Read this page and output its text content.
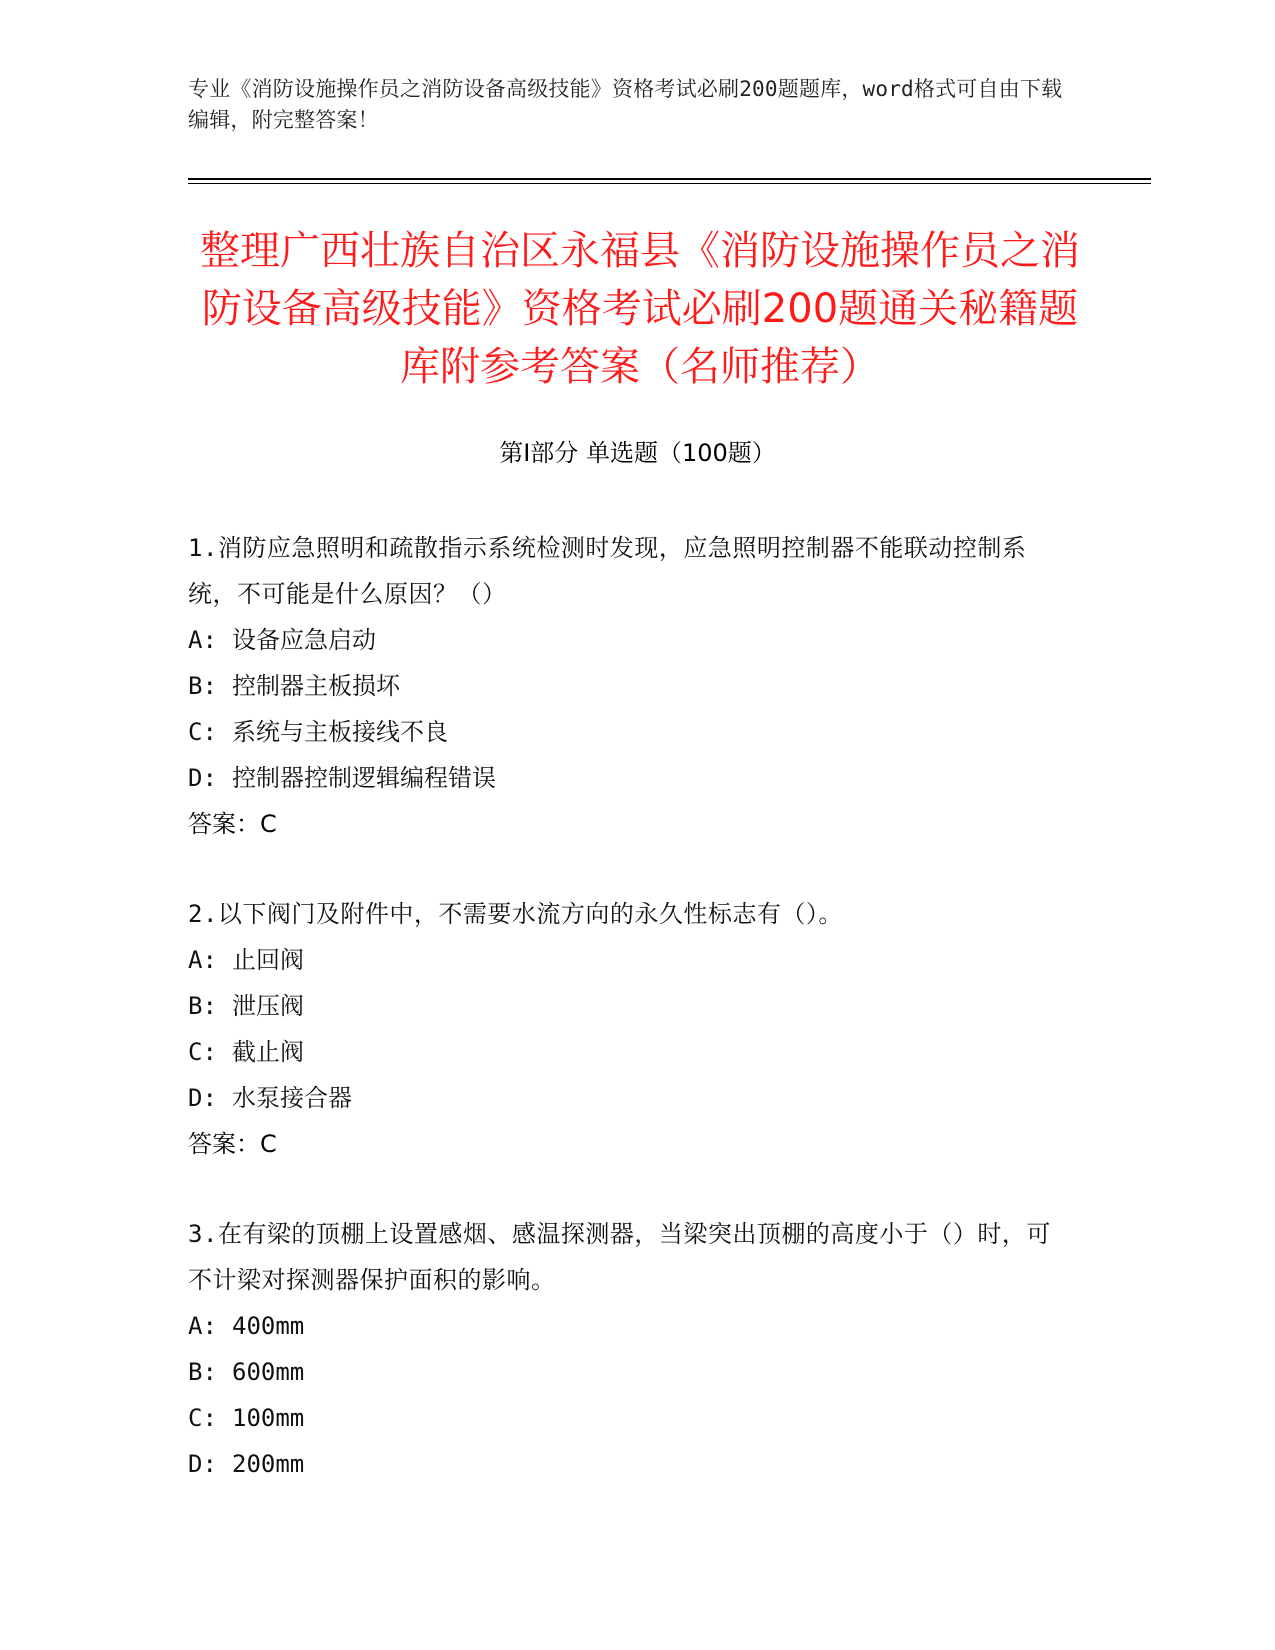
专业《消防设施操作员之消防设备高级技能》资格考试必刷200题题库，word格式可自由下载编辑，附完整答案！
整理广西壮族自治区永福县《消防设施操作员之消防设备高级技能》资格考试必刷200题通关秘籍题库附参考答案（名师推荐）
第Ⅰ部分 单选题（100题）
1.消防应急照明和疏散指示系统检测时发现，应急照明控制器不能联动控制系统，不可能是什么原因？（）
A: 设备应急启动
B: 控制器主板损坏
C: 系统与主板接线不良
D: 控制器控制逻辑编程错误
答案：C
2.以下阀门及附件中，不需要水流方向的永久性标志有（）。
A: 止回阀
B: 泄压阀
C: 截止阀
D: 水泵接合器
答案：C
3.在有梁的顶棚上设置感烟、感温探测器，当梁突出顶棚的高度小于（）时，可不计梁对探测器保护面积的影响。
A: 400mm
B: 600mm
C: 100mm
D: 200mm
